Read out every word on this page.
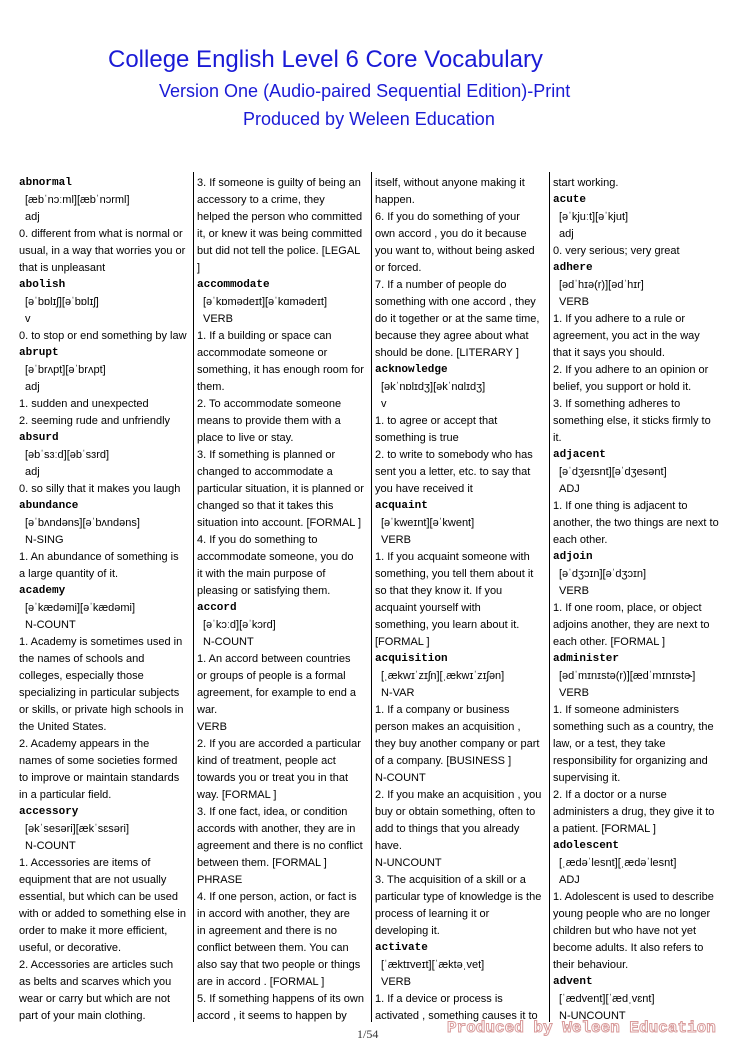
College English Level 6 Core Vocabulary
Version One (Audio-paired Sequential Edition)-Print
Produced by Weleen Education
abnormal
[æbˈnɔːml][æbˈnɔrml]
adj
0. different from what is normal or
usual, in a way that worries you or
that is unpleasant
abolish
[əˈbɒlɪʃ][əˈbɒlɪʃ]
v
0. to stop or end something by law
abrupt
[əˈbrʌpt][əˈbrʌpt]
adj
1. sudden and unexpected
2. seeming rude and unfriendly
absurd
[əbˈsɜːd][əbˈsɜrd]
adj
0. so silly that it makes you laugh
abundance
[əˈbʌndəns][əˈbʌndəns]
N-SING
1. An abundance of something is
a large quantity of it.
academy
[əˈkædəmi][əˈkædəmi]
N-COUNT
1. Academy is sometimes used in
the names of schools and
colleges, especially those
specializing in particular subjects
or skills, or private high schools in
the United States.
2. Academy appears in the
names of some societies formed
to improve or maintain standards
in a particular field.
accessory
[əkˈsesəri][ækˈsɛsəri]
N-COUNT
1. Accessories are items of
equipment that are not usually
essential, but which can be used
with or added to something else in
order to make it more efficient,
useful, or decorative.
2. Accessories are articles such
as belts and scarves which you
wear or carry but which are not
part of your main clothing.
3. If someone is guilty of being an
accessory to a crime, they
helped the person who committed
it, or knew it was being committed
but did not tell the police. [LEGAL
]
accommodate
[əˈkɒmədeɪt][əˈkɑmədeɪt]
VERB
1. If a building or space can
accommodate someone or
something, it has enough room for
them.
2. To accommodate someone
means to provide them with a
place to live or stay.
3. If something is planned or
changed to accommodate a
particular situation, it is planned or
changed so that it takes this
situation into account. [FORMAL ]
4. If you do something to
accommodate someone, you do
it with the main purpose of
pleasing or satisfying them.
accord
[əˈkɔːd][əˈkɔrd]
N-COUNT
1. An accord between countries
or groups of people is a formal
agreement, for example to end a
war.
VERB
2. If you are accorded a particular
kind of treatment, people act
towards you or treat you in that
way. [FORMAL ]
3. If one fact, idea, or condition
accords with another, they are in
agreement and there is no conflict
between them. [FORMAL ]
PHRASE
4. If one person, action, or fact is
in accord with another, they are
in agreement and there is no
conflict between them. You can
also say that two people or things
are in accord . [FORMAL ]
5. If something happens of its own
accord , it seems to happen by
itself, without anyone making it
happen.
6. If you do something of your
own accord , you do it because
you want to, without being asked
or forced.
7. If a number of people do
something with one accord , they
do it together or at the same time,
because they agree about what
should be done. [LITERARY ]
acknowledge
[əkˈnɒlɪdʒ][əkˈnɑlɪdʒ]
v
1. to agree or accept that
something is true
2. to write to somebody who has
sent you a letter, etc. to say that
you have received it
acquaint
[əˈkweɪnt][əˈkwent]
VERB
1. If you acquaint someone with
something, you tell them about it
so that they know it. If you
acquaint yourself with
something, you learn about it.
[FORMAL ]
acquisition
[ˌækwɪˈzɪʃn][ˌækwɪˈzɪʃən]
N-VAR
1. If a company or business
person makes an acquisition ,
they buy another company or part
of a company. [BUSINESS ]
N-COUNT
2. If you make an acquisition , you
buy or obtain something, often to
add to things that you already
have.
N-UNCOUNT
3. The acquisition of a skill or a
particular type of knowledge is the
process of learning it or
developing it.
activate
[ˈæktɪveɪt][ˈæktəˌvet]
VERB
1. If a device or process is
activated , something causes it to
start working.
acute
[əˈkjuːt][əˈkjut]
adj
0. very serious; very great
adhere
[ədˈhɪə(r)][ədˈhɪr]
VERB
1. If you adhere to a rule or
agreement, you act in the way
that it says you should.
2. If you adhere to an opinion or
belief, you support or hold it.
3. If something adheres to
something else, it sticks firmly to
it.
adjacent
[əˈdʒeɪsnt][əˈdʒesənt]
ADJ
1. If one thing is adjacent to
another, the two things are next to
each other.
adjoin
[əˈdʒɔɪn][əˈdʒɔɪn]
VERB
1. If one room, place, or object
adjoins another, they are next to
each other. [FORMAL ]
administer
[ədˈmɪnɪstə(r)][ædˈmɪnɪstɚ]
VERB
1. If someone administers
something such as a country, the
law, or a test, they take
responsibility for organizing and
supervising it.
2. If a doctor or a nurse
administers a drug, they give it to
a patient. [FORMAL ]
adolescent
[ˌædəˈlesnt][ˌædəˈlesnt]
ADJ
1. Adolescent is used to describe
young people who are no longer
children but who have not yet
become adults. It also refers to
their behaviour.
advent
[ˈædvent][ˈædˌvɛnt]
N-UNCOUNT
1/54	Produced by Weleen Education
